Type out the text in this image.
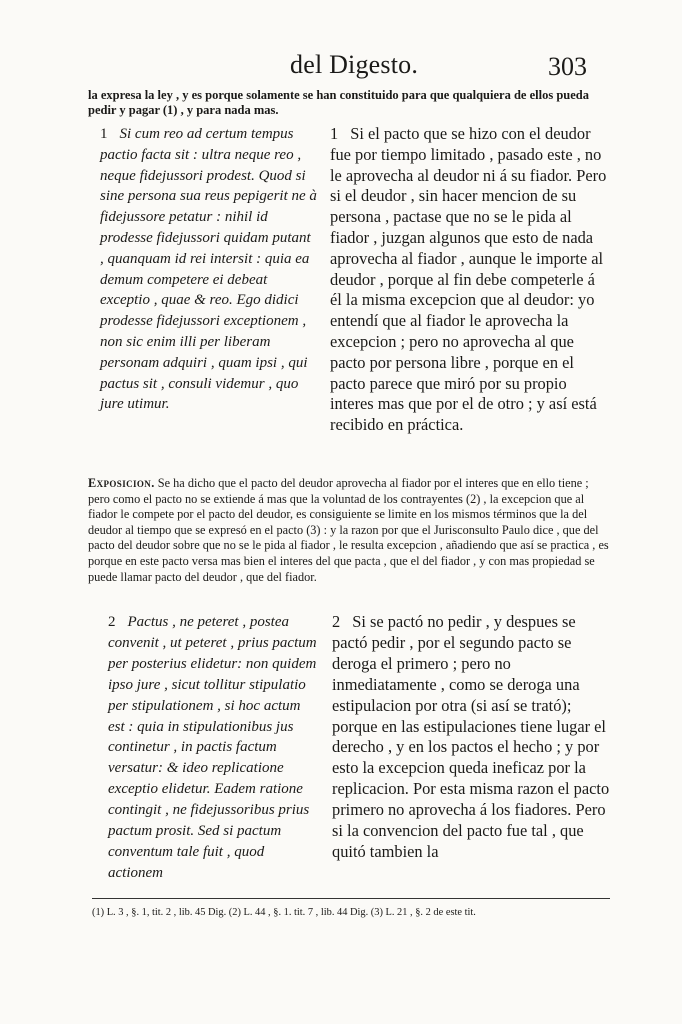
del Digesto.	303
la expresa la ley , y es porque solamente se han constituido para que qualquiera de ellos pueda pedir y pagar (1) , y para nada mas.
1 Si cum reo ad certum tempus pactio facta sit : ultra neque reo , neque fidejussori prodest. Quod si sine persona sua reus pepigerit ne à fidejussore petatur : nihil id prodesse fidejussori quidam putant , quanquam id rei intersit : quia ea demum competere ei debeat exceptio , quae & reo. Ego didici prodesse fidejussori exceptionem , non sic enim illi per liberam personam adquiri , quam ipsi , qui pactus sit , consuli videmur , quo jure utimur.
1 Si el pacto que se hizo con el deudor fue por tiempo limitado , pasado este , no le aprovecha al deudor ni á su fiador. Pero si el deudor , sin hacer mencion de su persona , pactase que no se le pida al fiador , juzgan algunos que esto de nada aprovecha al fiador , aunque le importe al deudor , porque al fin debe competerle á él la misma excepcion que al deudor: yo entendí que al fiador le aprovecha la excepcion ; pero no aprovecha al que pacto por persona libre , porque en el pacto parece que miró por su propio interes mas que por el de otro ; y así está recibido en práctica.
Exposicion. Se ha dicho que el pacto del deudor aprovecha al fiador por el interes que en ello tiene ; pero como el pacto no se extiende á mas que la voluntad de los contrayentes (2) , la excepcion que al fiador le compete por el pacto del deudor, es consiguiente se limite en los mismos términos que la del deudor al tiempo que se expresó en el pacto (3) : y la razon por que el Jurisconsulto Paulo dice , que del pacto del deudor sobre que no se le pida al fiador , le resulta excepcion , añadiendo que así se practica , es porque en este pacto versa mas bien el interes del que pacta , que el del fiador , y con mas propiedad se puede llamar pacto del deudor , que del fiador.
2 Pactus , ne peteret , postea convenit , ut peteret , prius pactum per posterius elidetur: non quidem ipso jure , sicut tollitur stipulatio per stipulationem , si hoc actum est : quia in stipulationibus jus continetur , in pactis factum versatur: & ideo replicatione exceptio elidetur. Eadem ratione contingit , ne fidejussoribus prius pactum prosit. Sed si pactum conventum tale fuit , quod actionem
2 Si se pactó no pedir , y despues se pactó pedir , por el segundo pacto se deroga el primero ; pero no inmediatamente , como se deroga una estipulacion por otra (si así se trató); porque en las estipulaciones tiene lugar el derecho , y en los pactos el hecho ; y por esto la excepcion queda ineficaz por la replicacion. Por esta misma razon el pacto primero no aprovecha á los fiadores. Pero si la convencion del pacto fue tal , que quitó tambien la
(1) L. 3 , §. 1, tit. 2 , lib. 45 Dig. (2) L. 44 , §. 1. tit. 7 , lib. 44 Dig. (3) L. 21 , §. 2 de este tit.
